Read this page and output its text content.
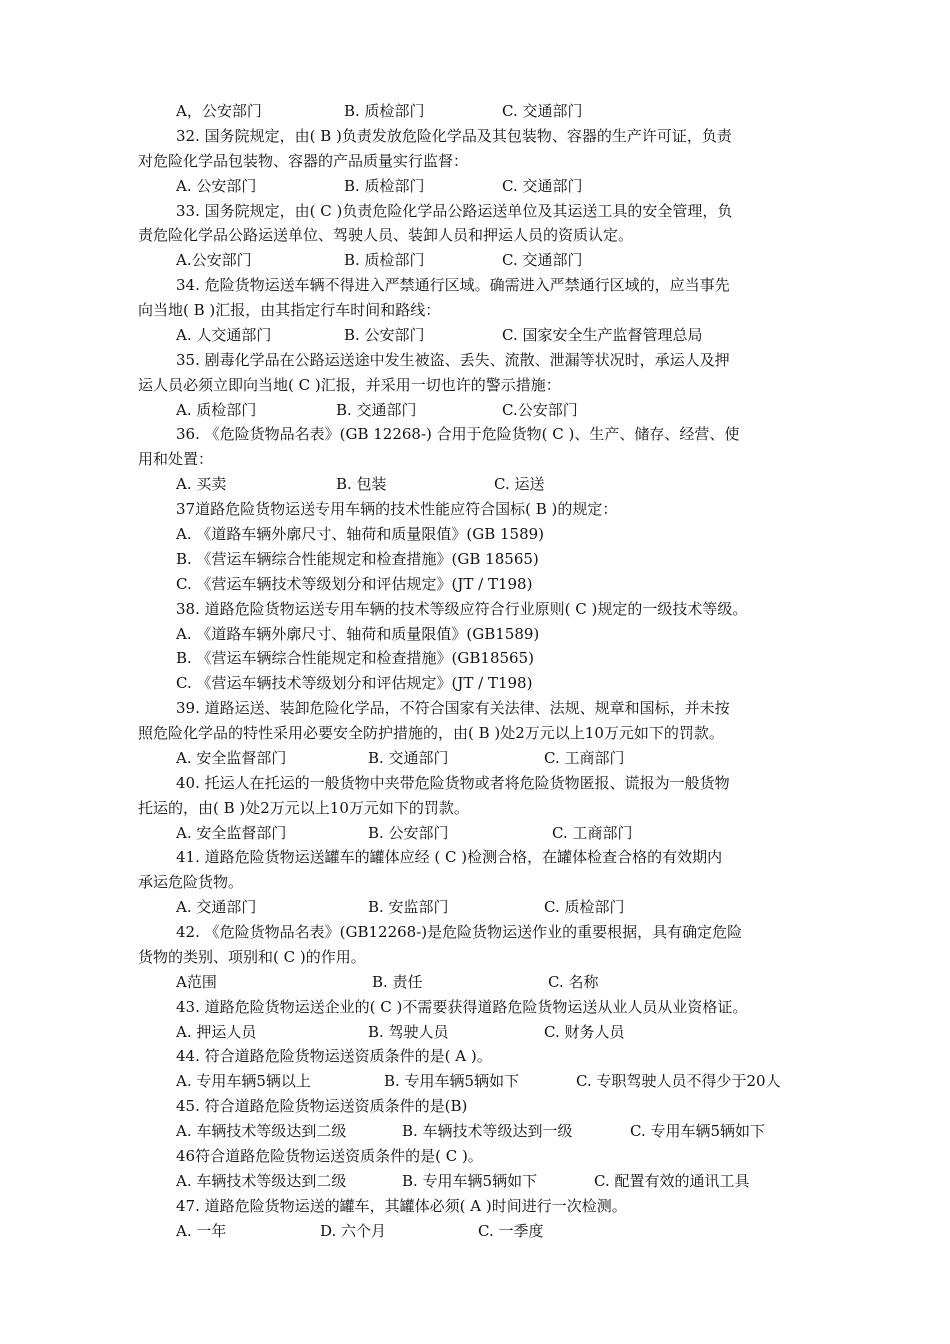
A，公安部门	B. 质检部门	C. 交通部门
32. 国务院规定，由( B )负责发放危险化学品及其包装物、容器的生产许可证，负责
对危险化学品包装物、容器的产品质量实行监督：
A. 公安部门	B. 质检部门	C. 交通部门
33. 国务院规定，由( C )负责危险化学品公路运送单位及其运送工具的安全管理，负
责危险化学品公路运送单位、驾驶人员、装卸人员和押运人员的资质认定。
A.公安部门	B. 质检部门	C. 交通部门
34. 危险货物运送车辆不得进入严禁通行区域。确需进入严禁通行区域的，应当事先
向当地( B )汇报，由其指定行车时间和路线：
A. 人交通部门	B. 公安部门	C. 国家安全生产监督管理总局
35. 剧毒化学品在公路运送途中发生被盗、丢失、流散、泄漏等状况时，承运人及押
运人员必须立即向当地( C )汇报，并采用一切也许的警示措施：
A. 质检部门	B. 交通部门	C.公安部门
36. 《危险货物品名表》(GB 12268-) 合用于危险货物( C )、生产、储存、经营、使
用和处置：
A. 买卖	B. 包装	C. 运送
37道路危险货物运送专用车辆的技术性能应符合国标( B )的规定：
A. 《道路车辆外廓尺寸、轴荷和质量限值》(GB 1589)
B. 《营运车辆综合性能规定和检查措施》(GB 18565)
C. 《营运车辆技术等级划分和评估规定》(JT / T198)
38. 道路危险货物运送专用车辆的技术等级应符合行业原则( C )规定的一级技术等级。
A. 《道路车辆外廓尺寸、轴荷和质量限值》(GB1589)
B. 《营运车辆综合性能规定和检查措施》(GB18565)
C. 《营运车辆技术等级划分和评估规定》(JT / T198)
39. 道路运送、装卸危险化学品，不符合国家有关法律、法规、规章和国标，并未按
照危险化学品的特性采用必要安全防护措施的，由( B )处2万元以上10万元如下的罚款。
A. 安全监督部门	B. 交通部门	C. 工商部门
40. 托运人在托运的一般货物中夹带危险货物或者将危险货物匿报、谎报为一般货物
托运的，由( B )处2万元以上10万元如下的罚款。
A. 安全监督部门	B. 公安部门	C. 工商部门
41. 道路危险货物运送罐车的罐体应经 ( C )检测合格，在罐体检查合格的有效期内
承运危险货物。
A. 交通部门	B. 安监部门	C. 质检部门
42. 《危险货物品名表》(GB12268-)是危险货物运送作业的重要根据，具有确定危险
货物的类别、项别和( C )的作用。
A范围	B. 责任	C. 名称
43. 道路危险货物运送企业的( C )不需要获得道路危险货物运送从业人员从业资格证。
A. 押运人员	B. 驾驶人员	C. 财务人员
44. 符合道路危险货物运送资质条件的是( A )。
A. 专用车辆5辆以上	B. 专用车辆5辆如下	C. 专职驾驶人员不得少于20人
45. 符合道路危险货物运送资质条件的是(B)
A. 车辆技术等级达到二级	B. 车辆技术等级达到一级	C. 专用车辆5辆如下
46符合道路危险货物运送资质条件的是( C )。
A. 车辆技术等级达到二级	B. 专用车辆5辆如下	C. 配置有效的通讯工具
47. 道路危险货物运送的罐车，其罐体必须( A )时间进行一次检测。
A. 一年	D. 六个月	C. 一季度
